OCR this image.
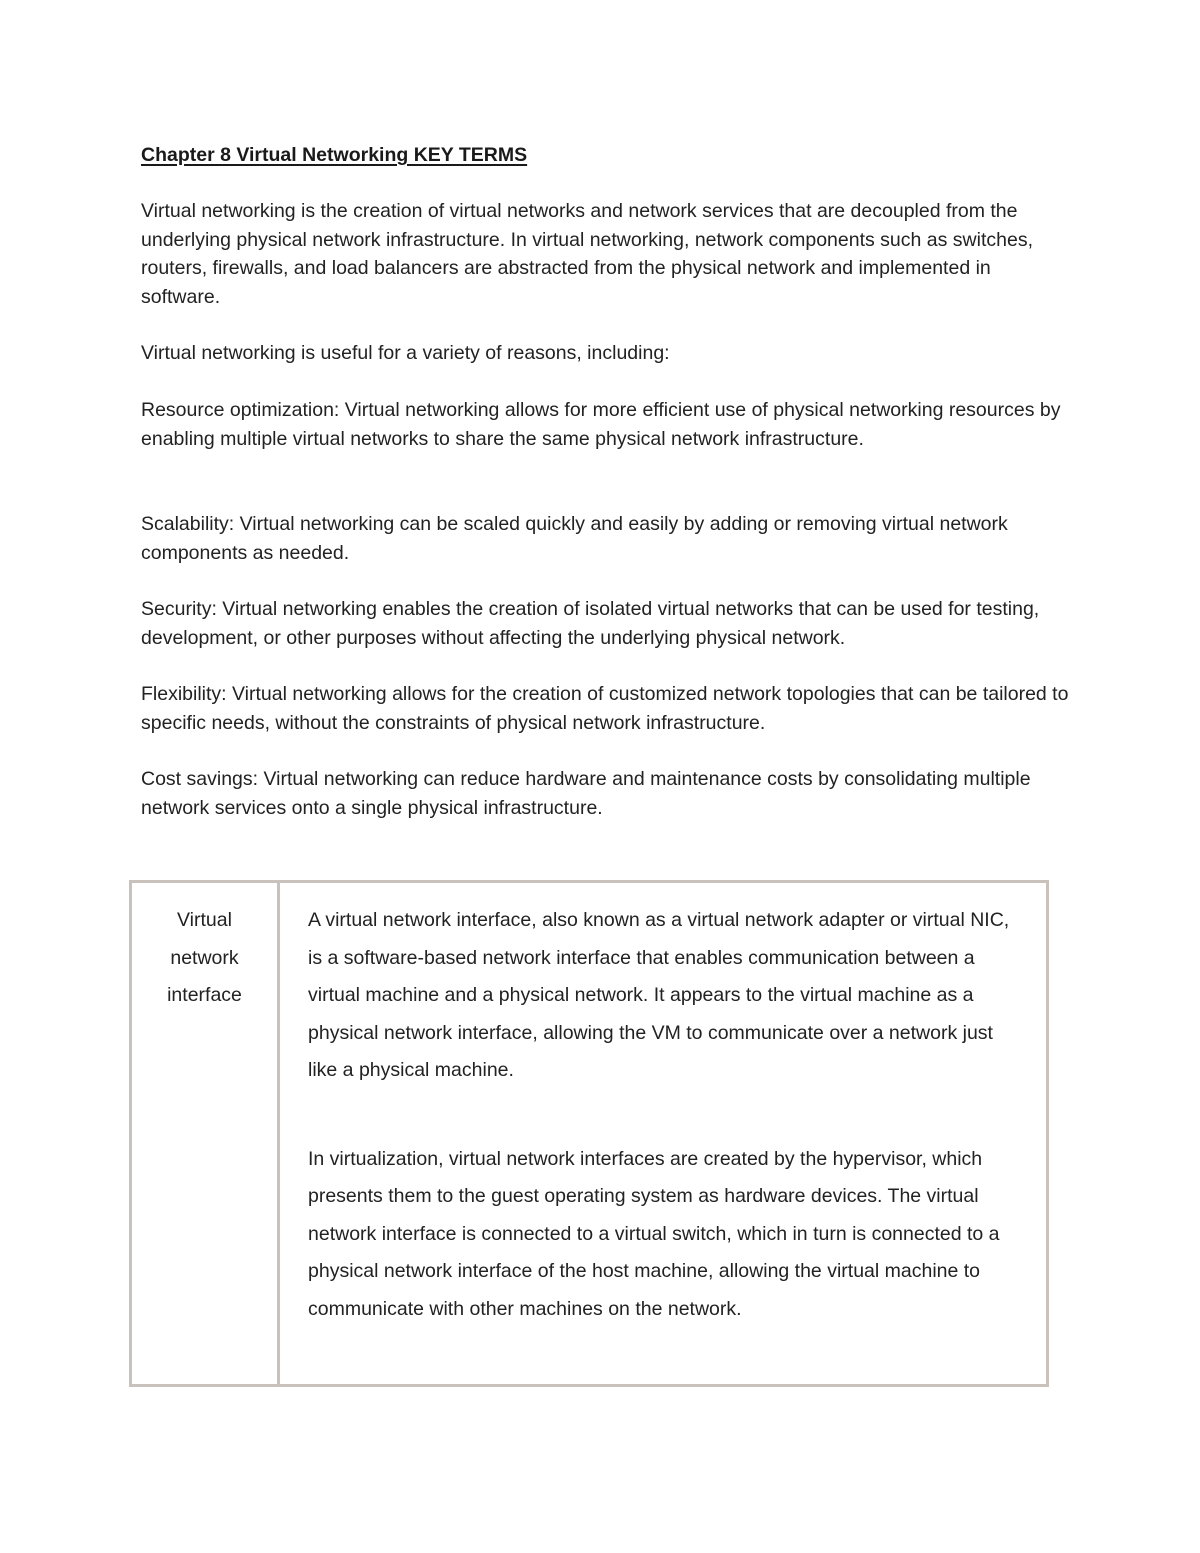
Chapter 8 Virtual Networking KEY TERMS

Virtual networking is the creation of virtual networks and network services that are decoupled from the underlying physical network infrastructure. In virtual networking, network components such as switches, routers, firewalls, and load balancers are abstracted from the physical network and implemented in software.

Virtual networking is useful for a variety of reasons, including:

Resource optimization: Virtual networking allows for more efficient use of physical networking resources by enabling multiple virtual networks to share the same physical network infrastructure.

Scalability: Virtual networking can be scaled quickly and easily by adding or removing virtual network components as needed.

Security: Virtual networking enables the creation of isolated virtual networks that can be used for testing, development, or other purposes without affecting the underlying physical network.

Flexibility: Virtual networking allows for the creation of customized network topologies that can be tailored to specific needs, without the constraints of physical network infrastructure.

Cost savings: Virtual networking can reduce hardware and maintenance costs by consolidating multiple network services onto a single physical infrastructure.

Virtual network interface

A virtual network interface, also known as a virtual network adapter or virtual NIC, is a software-based network interface that enables communication between a virtual machine and a physical network. It appears to the virtual machine as a physical network interface, allowing the VM to communicate over a network just like a physical machine.

In virtualization, virtual network interfaces are created by the hypervisor, which presents them to the guest operating system as hardware devices. The virtual network interface is connected to a virtual switch, which in turn is connected to a physical network interface of the host machine, allowing the virtual machine to communicate with other machines on the network.
